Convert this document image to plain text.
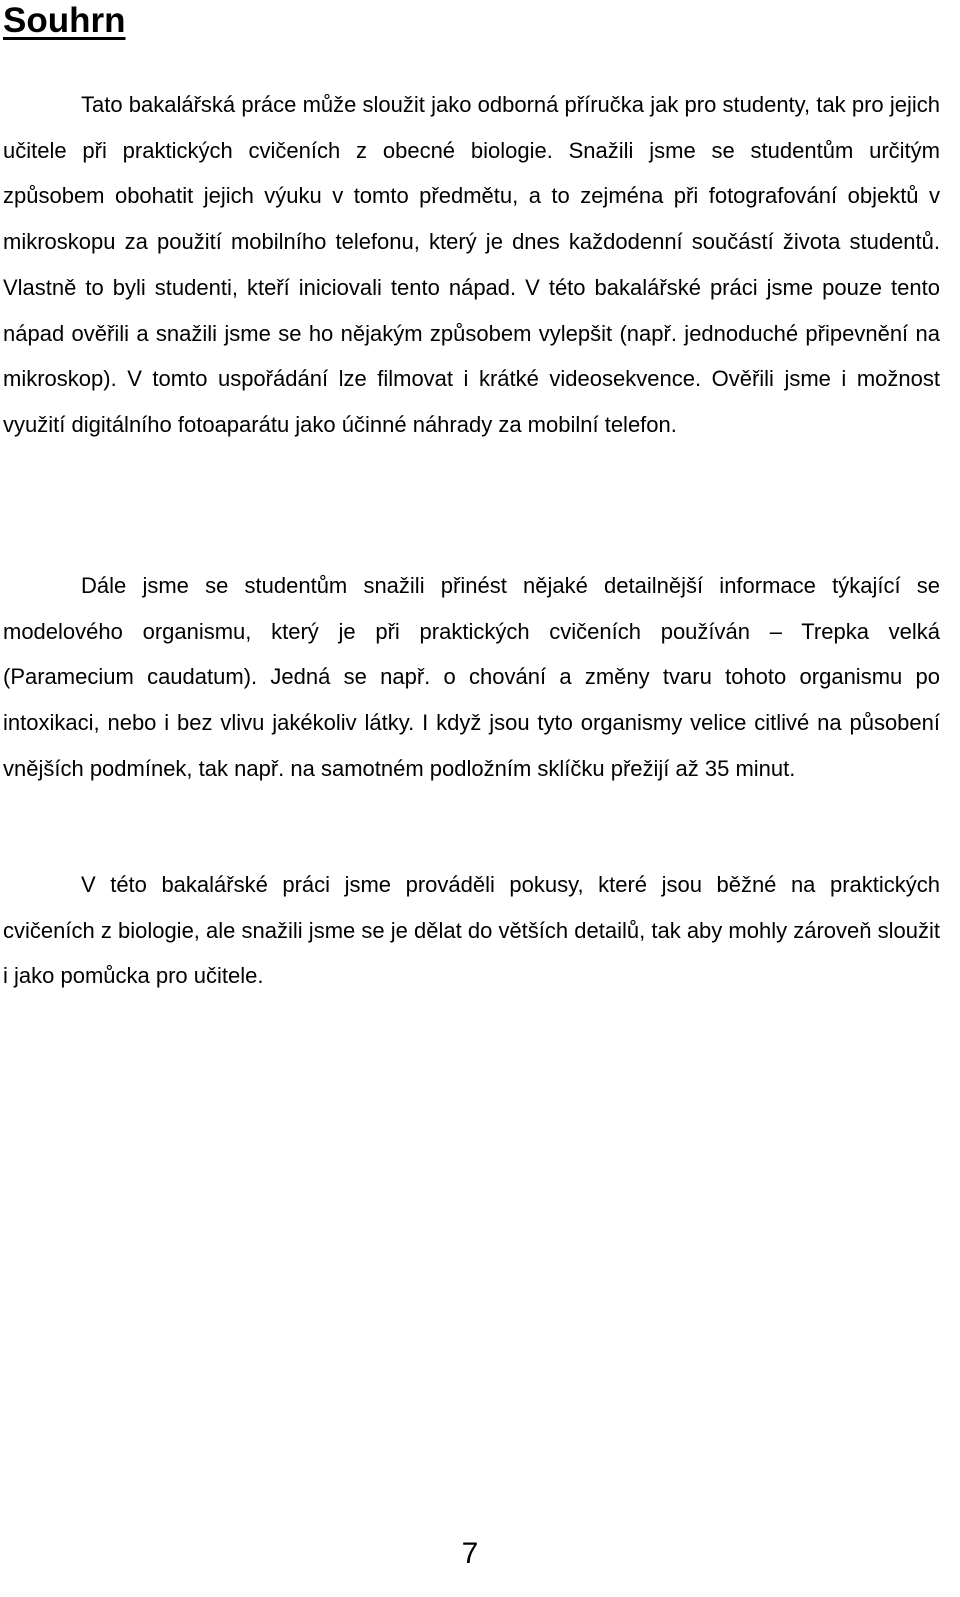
Souhrn

Tato bakalářská práce může sloužit jako odborná příručka jak pro studenty, tak pro jejich učitele při praktických cvičeních z obecné biologie. Snažili jsme se studentům určitým způsobem obohatit jejich výuku v tomto předmětu, a to zejména při fotografování objektů v mikroskopu za použití mobilního telefonu, který je dnes každodenní součástí života studentů. Vlastně to byli studenti, kteří iniciovali tento nápad. V této bakalářské práci jsme pouze tento nápad ověřili a snažili jsme se ho nějakým způsobem vylepšit (např. jednoduché připevnění na mikroskop). V tomto uspořádání lze filmovat i krátké videosekvence. Ověřili jsme i možnost využití digitálního fotoaparátu jako účinné náhrady za mobilní telefon.

Dále jsme se studentům snažili přinést nějaké detailnější informace týkající se modelového organismu, který je při praktických cvičeních používán – Trepka velká (Paramecium caudatum). Jedná se např. o chování a změny tvaru tohoto organismu po intoxikaci, nebo i bez vlivu jakékoliv látky. I když jsou tyto organismy velice citlivé na působení vnějších podmínek, tak např. na samotném podložním sklíčku přežijí až 35 minut.

V této bakalářské práci jsme prováděli pokusy, které jsou běžné na praktických cvičeních z biologie, ale snažili jsme se je dělat do větších detailů, tak aby mohly zároveň sloužit i jako pomůcka pro učitele.

7
